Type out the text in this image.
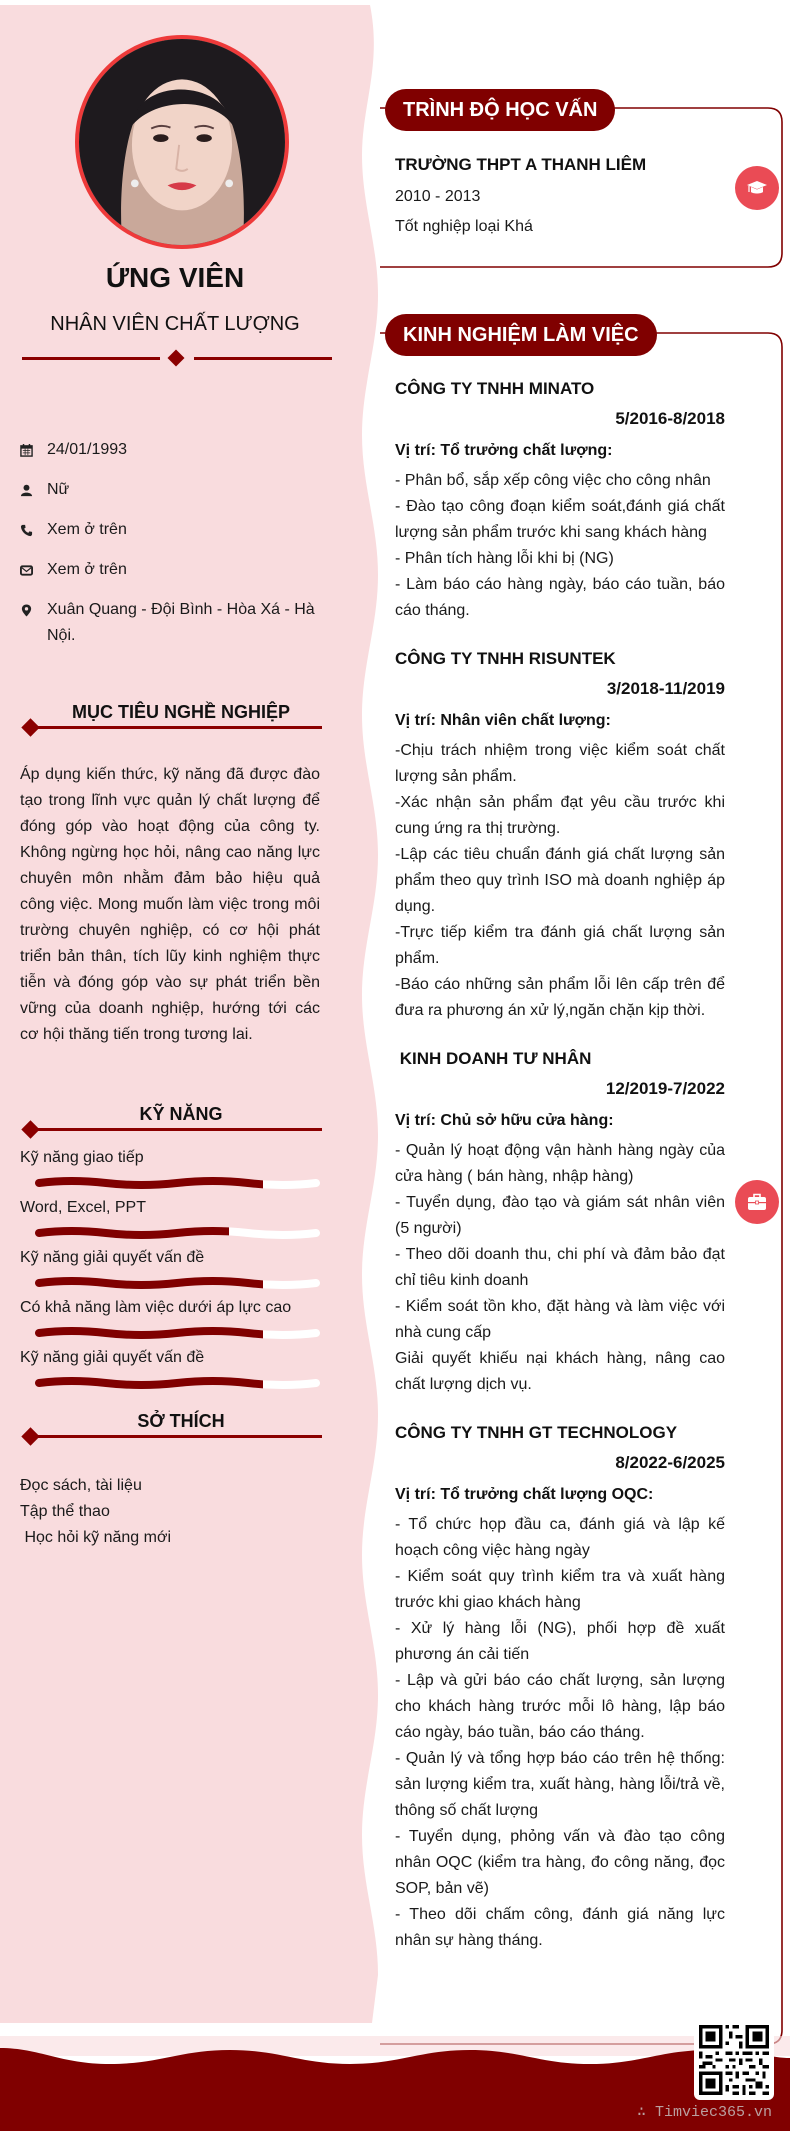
ỨNG VIÊN
NHÂN VIÊN CHẤT LƯỢNG
24/01/1993
Nữ
Xem ở trên
Xem ở trên
Xuân Quang - Đội Bình - Hòa Xá - Hà Nội.
MỤC TIÊU NGHỀ NGHIỆP
Áp dụng kiến thức, kỹ năng đã được đào tạo trong lĩnh vực quản lý chất lượng để đóng góp vào hoạt động của công ty. Không ngừng học hỏi, nâng cao năng lực chuyên môn nhằm đảm bảo hiệu quả công việc. Mong muốn làm việc trong môi trường chuyên nghiệp, có cơ hội phát triển bản thân, tích lũy kinh nghiệm thực tiễn và đóng góp vào sự phát triển bền vững của doanh nghiệp, hướng tới các cơ hội thăng tiến trong tương lai.
KỸ NĂNG
Kỹ năng giao tiếp
Word, Excel, PPT
Kỹ năng giải quyết vấn đề
Có khả năng làm việc dưới áp lực cao
Kỹ năng giải quyết vấn đề
SỞ THÍCH
Đọc sách, tài liệu
Tập thể thao
Học hỏi kỹ năng mới
TRÌNH ĐỘ HỌC VẤN
TRƯỜNG THPT A THANH LIÊM
2010 - 2013
Tốt nghiệp loại Khá
KINH NGHIỆM LÀM VIỆC
CÔNG TY TNHH MINATO
5/2016-8/2018
Vị trí: Tổ trưởng chất lượng:
- Phân bổ, sắp xếp công việc cho công nhân
- Đào tạo công đoạn kiểm soát,đánh giá chất lượng sản phẩm trước khi sang khách hàng
- Phân tích hàng lỗi khi bị (NG)
- Làm báo cáo hàng ngày, báo cáo tuần, báo cáo tháng.
CÔNG TY TNHH RISUNTEK
3/2018-11/2019
Vị trí: Nhân viên chất lượng:
-Chịu trách nhiệm trong việc kiểm soát chất lượng sản phẩm.
-Xác nhận sản phẩm đạt yêu cầu trước khi cung ứng ra thị trường.
-Lập các tiêu chuẩn đánh giá chất lượng sản phẩm theo quy trình ISO mà doanh nghiệp áp dụng.
-Trực tiếp kiểm tra đánh giá chất lượng sản phẩm.
-Báo cáo những sản phẩm lỗi lên cấp trên để đưa ra phương án xử lý,ngăn chặn kịp thời.
KINH DOANH TƯ NHÂN
12/2019-7/2022
Vị trí: Chủ sở hữu cửa hàng:
- Quản lý hoạt động vận hành hàng ngày của cửa hàng ( bán hàng, nhập hàng)
- Tuyển dụng, đào tạo và giám sát nhân viên (5 người)
- Theo dõi doanh thu, chi phí và đảm bảo đạt chỉ tiêu kinh doanh
- Kiểm soát tồn kho, đặt hàng và làm việc với nhà cung cấp
Giải quyết khiếu nại khách hàng, nâng cao chất lượng dịch vụ.
CÔNG TY TNHH GT TECHNOLOGY
8/2022-6/2025
Vị trí: Tổ trưởng chất lượng OQC:
- Tổ chức họp đầu ca, đánh giá và lập kế hoạch công việc hàng ngày
- Kiểm soát quy trình kiểm tra và xuất hàng trước khi giao khách hàng
- Xử lý hàng lỗi (NG), phối hợp đề xuất phương án cải tiến
- Lập và gửi báo cáo chất lượng, sản lượng cho khách hàng trước mỗi lô hàng, lập báo cáo ngày, báo tuần, báo cáo tháng.
- Quản lý và tổng hợp báo cáo trên hệ thống: sản lượng kiểm tra, xuất hàng, hàng lỗi/trả về, thông số chất lượng
- Tuyển dụng, phỏng vấn và đào tạo công nhân OQC (kiểm tra hàng, đo công năng, đọc SOP, bản vẽ)
- Theo dõi chấm công, đánh giá năng lực nhân sự hàng tháng.
∴ Timviec365.vn
